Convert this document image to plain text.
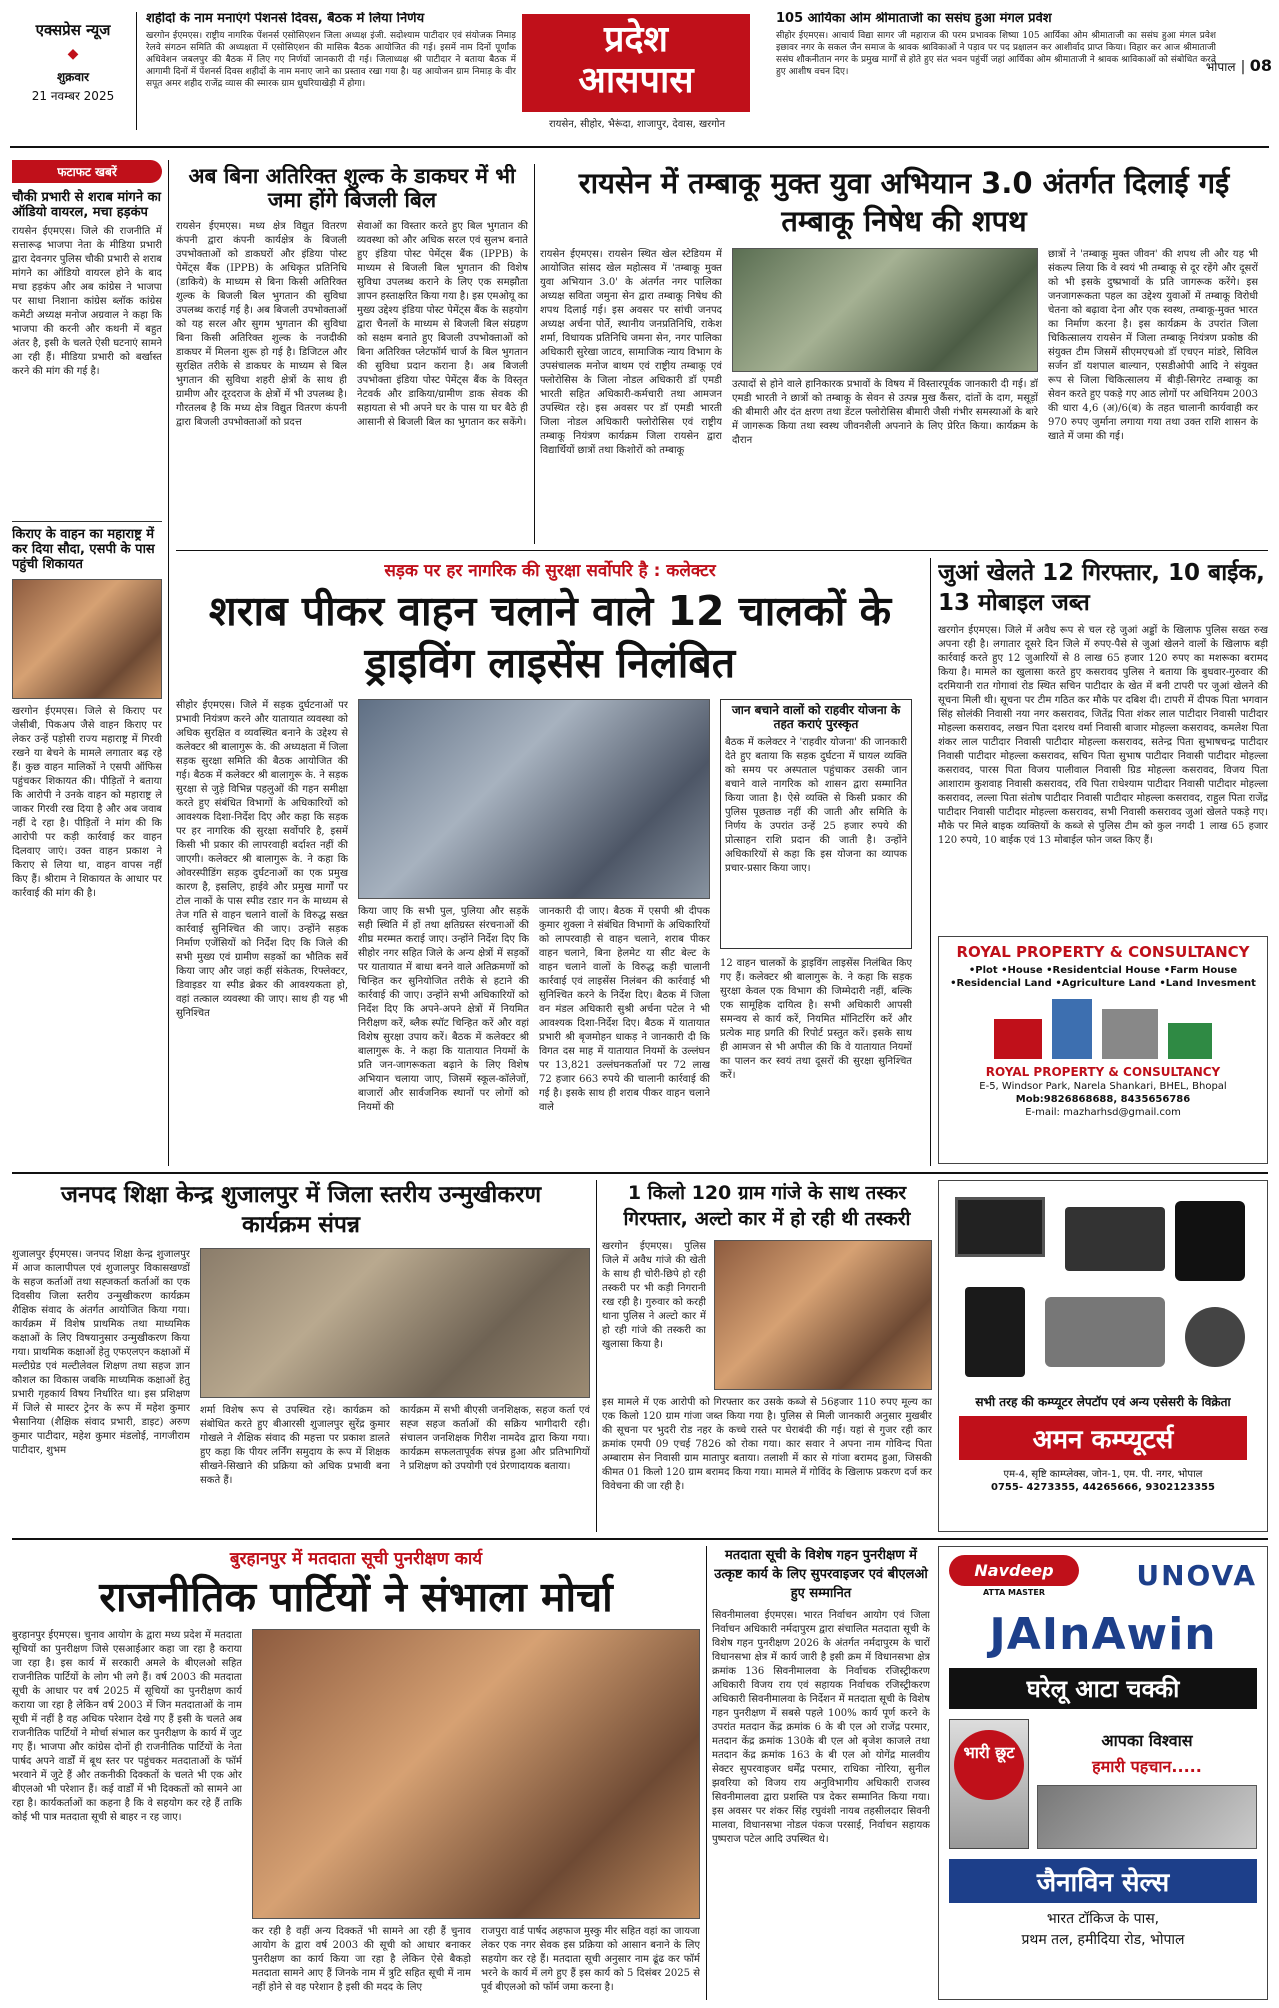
एक्सप्रेस न्यूज
◆
शुक्रवार
21 नवम्बर 2025
शहीदों के नाम मनाएंगे पेंशनर्स दिवस, बैठक में लिया निर्णय
खरगोन ईएमएस। राष्ट्रीय नागरिक पेंशनर्स एसोसिएशन जिला अध्यक्ष इंजी. सदोश्याम पाटीदार एवं संयोजक निमाड़ रेलवे संगठन समिति की अध्यक्षता में एसोसिएशन की मासिक बैठक आयोजित की गई। इसमें नाम दिनों पूर्णांक अधिवेशन जबलपुर की बैठक में लिए गए निर्णयों जानकारी दी गई। जिलाध्यक्ष श्री पाटीदार ने बताया बैठक में आगामी दिनों में पेंशनर्स दिवस शहीदों के नाम मनाए जाने का प्रस्ताव रखा गया है। यह आयोजन ग्राम निमाड़ के वीर सपूत अमर शहीद राजेंद्र व्यास की स्मारक ग्राम धुघरियाखेड़ी में होगा।
प्रदेश
आसपास
रायसेन, सीहोर, भैरूंदा, शाजापुर, देवास, खरगोन
105 आर्यिका ओम श्रीमाताजी का ससंघ हुआ मंगल प्रवेश
सीहोर ईएमएस। आचार्य विद्या सागर जी महाराज की परम प्रभावक शिष्या 105 आर्यिका ओम श्रीमाताजी का ससंघ हुआ मंगल प्रवेश इछावर नगर के सकल जैन समाज के श्रावक श्राविकाओं ने पड़ाव पर पद प्रक्षालन कर आशीर्वाद प्राप्त किया। विहार कर आज श्रीमाताजी ससंघ शौकनीतान नगर के प्रमुख मार्गों से होते हुए संत भवन पहुंचीं जहां आर्यिका ओम श्रीमाताजी ने श्रावक श्राविकाओं को संबोधित करते हुए आशीष वचन दिए।	भोपाल | 08
फटाफट खबरें
चौकी प्रभारी से शराब मांगने का ऑडियो वायरल, मचा हड़कंप
रायसेन ईएमएस। जिले की राजनीति में सत्तारूढ़ भाजपा नेता के मीडिया प्रभारी द्वारा देवनगर पुलिस चौकी प्रभारी से शराब मांगने का ऑडियो वायरल होने के बाद मचा हड़कंप और अब कांग्रेस ने भाजपा पर साधा निशाना कांग्रेस ब्लॉक कांग्रेस कमेटी अध्यक्ष मनोज अग्रवाल ने कहा कि भाजपा की करनी और कथनी में बहुत अंतर है, इसी के चलते ऐसी घटनाएं सामने आ रही हैं। मीडिया प्रभारी को बर्खास्त करने की मांग की गई है।
किराए के वाहन का महाराष्ट्र में कर दिया सौदा, एसपी के पास पहुंची शिकायत
खरगोन ईएमएस। जिले से किराए पर जेसीबी, पिकअप जैसे वाहन किराए पर लेकर उन्हें पड़ोसी राज्य महाराष्ट्र में गिरवी रखने या बेचने के मामले लगातार बढ़ रहे हैं। कुछ वाहन मालिकों ने एसपी ऑफिस पहुंचकर शिकायत की। पीड़ितों ने बताया कि आरोपी ने उनके वाहन को महाराष्ट्र ले जाकर गिरवी रख दिया है और अब जवाब नहीं दे रहा है। पीड़ितों ने मांग की कि आरोपी पर कड़ी कार्रवाई कर वाहन दिलवाए जाएं। उक्त वाहन प्रकाश ने किराए से लिया था, वाहन वापस नहीं किए हैं। श्रीराम ने शिकायत के आधार पर कार्रवाई की मांग की है।
अब बिना अतिरिक्त शुल्क के डाकघर में भी जमा होंगे बिजली बिल
रायसेन ईएमएस। मध्य क्षेत्र विद्युत वितरण कंपनी द्वारा कंपनी कार्यक्षेत्र के बिजली उपभोक्ताओं को डाकघरों और इंडिया पोस्ट पेमेंट्स बैंक (IPPB) के अधिकृत प्रतिनिधि (डाकिये) के माध्यम से बिना किसी अतिरिक्त शुल्क के बिजली बिल भुगतान की सुविधा उपलब्ध कराई गई है। अब बिजली उपभोक्ताओं को यह सरल और सुगम भुगतान की सुविधा बिना किसी अतिरिक्त शुल्क के नजदीकी डाकघर में मिलना शुरू हो गई है। डिजिटल और सुरक्षित तरीके से डाकघर के माध्यम से बिल भुगतान की सुविधा शहरी क्षेत्रों के साथ ही ग्रामीण और दूरदराज के क्षेत्रों में भी उपलब्ध है। गौरतलब है कि मध्य क्षेत्र विद्युत वितरण कंपनी द्वारा बिजली उपभोक्ताओं को प्रदत्त
सेवाओं का विस्तार करते हुए बिल भुगतान की व्यवस्था को और अधिक सरल एवं सुलभ बनाते हुए इंडिया पोस्ट पेमेंट्स बैंक (IPPB) के माध्यम से बिजली बिल भुगतान की विशेष सुविधा उपलब्ध कराने के लिए एक समझौता ज्ञापन हस्ताक्षरित किया गया है। इस एमओयू का मुख्य उद्देश्य इंडिया पोस्ट पेमेंट्स बैंक के सहयोग द्वारा चैनलों के माध्यम से बिजली बिल संग्रहण को सक्षम बनाते हुए बिजली उपभोक्ताओं को बिना अतिरिक्त प्लेटफॉर्म चार्ज के बिल भुगतान की सुविधा प्रदान कराना है। अब बिजली उपभोक्ता इंडिया पोस्ट पेमेंट्स बैंक के विस्तृत नेटवर्क और डाकिया/ग्रामीण डाक सेवक की सहायता से भी अपने घर के पास या घर बैठे ही आसानी से बिजली बिल का भुगतान कर सकेंगे।
रायसेन में तम्बाकू मुक्त युवा अभियान 3.0 अंतर्गत दिलाई गई तम्बाकू निषेध की शपथ
रायसेन ईएमएस। रायसेन स्थित खेल स्टेडियम में आयोजित सांसद खेल महोत्सव में 'तम्बाकू मुक्त युवा अभियान 3.0' के अंतर्गत नगर पालिका अध्यक्ष सविता जमुना सेन द्वारा तम्बाकू निषेध की शपथ दिलाई गई। इस अवसर पर सांची जनपद अध्यक्ष अर्चना पोर्ते, स्थानीय जनप्रतिनिधि, राकेश शर्मा, विधायक प्रतिनिधि जमना सेन, नगर पालिका अधिकारी सुरेखा जाटव, सामाजिक न्याय विभाग के उपसंचालक मनोज बाथम एवं राष्ट्रीय तम्बाकू एवं फ्लोरोसिस के जिला नोडल अधिकारी डॉ एमडी भारती सहित अधिकारी-कर्मचारी तथा आमजन उपस्थित रहे। इस अवसर पर डॉ एमडी भारती जिला नोडल अधिकारी फ्लोरोसिस एवं राष्ट्रीय तम्बाकू नियंत्रण कार्यक्रम जिला रायसेन द्वारा विद्यार्थियों छात्रों तथा किशोरों को तम्बाकू
उत्पादों से होने वाले हानिकारक प्रभावों के विषय में विस्तारपूर्वक जानकारी दी गई। डॉ एमडी भारती ने छात्रों को तम्बाकू के सेवन से उत्पन्न मुख कैंसर, दांतों के दाग, मसूड़ों की बीमारी और दंत क्षरण तथा डेंटल फ्लोरोसिस बीमारी जैसी गंभीर समस्याओं के बारे में जागरूक किया तथा स्वस्थ जीवनशैली अपनाने के लिए प्रेरित किया। कार्यक्रम के दौरान
छात्रों ने 'तम्बाकू मुक्त जीवन' की शपथ ली और यह भी संकल्प लिया कि वे स्वयं भी तम्बाकू से दूर रहेंगे और दूसरों को भी इसके दुष्प्रभावों के प्रति जागरूक करेंगे। इस जनजागरूकता पहल का उद्देश्य युवाओं में तम्बाकू विरोधी चेतना को बढ़ावा देना और एक स्वस्थ, तम्बाकू-मुक्त भारत का निर्माण करना है। इस कार्यक्रम के उपरांत जिला चिकित्सालय रायसेन में जिला तम्बाकू नियंत्रण प्रकोष्ठ की संयुक्त टीम जिसमें सीएमएचओ डॉ एचएन मांडरे, सिविल सर्जन डॉ यशपाल बाल्यान, एसडीओपी आदि ने संयुक्त रूप से जिला चिकित्सालय में बीड़ी-सिगरेट तम्बाकू का सेवन करते हुए पकड़े गए आठ लोगों पर अधिनियम 2003 की धारा 4,6 (अ)/6(ब) के तहत चालानी कार्यवाही कर 970 रुपए जुर्माना लगाया गया तथा उक्त राशि शासन के खाते में जमा की गई।
सड़क पर हर नागरिक की सुरक्षा सर्वोपरि है : कलेक्टर
शराब पीकर वाहन चलाने वाले 12 चालकों के ड्राइविंग लाइसेंस निलंबित
सीहोर ईएमएस। जिले में सड़क दुर्घटनाओं पर प्रभावी नियंत्रण करने और यातायात व्यवस्था को अधिक सुरक्षित व व्यवस्थित बनाने के उद्देश्य से कलेक्टर श्री बालागुरू के. की अध्यक्षता में जिला सड़क सुरक्षा समिति की बैठक आयोजित की गई। बैठक में कलेक्टर श्री बालागुरू के. ने सड़क सुरक्षा से जुड़े विभिन्न पहलुओं की गहन समीक्षा करते हुए संबंधित विभागों के अधिकारियों को आवश्यक दिशा-निर्देश दिए और कहा कि सड़क पर हर नागरिक की सुरक्षा सर्वोपरि है, इसमें किसी भी प्रकार की लापरवाही बर्दाश्त नहीं की जाएगी। कलेक्टर श्री बालागुरू के. ने कहा कि ओवरस्पीडिंग सड़क दुर्घटनाओं का एक प्रमुख कारण है, इसलिए, हाईवे और प्रमुख मार्गों पर टोल नाकों के पास स्पीड रडार गन के माध्यम से तेज गति से वाहन चलाने वालों के विरुद्ध सख्त कार्रवाई सुनिश्चित की जाए। उन्होंने सड़क निर्माण एजेंसियों को निर्देश दिए कि जिले की सभी मुख्य एवं ग्रामीण सड़कों का भौतिक सर्वे किया जाए और जहां कहीं संकेतक, रिफ्लेक्टर, डिवाइडर या स्पीड ब्रेकर की आवश्यकता हो, वहां तत्काल व्यवस्था की जाए। साथ ही यह भी सुनिश्चित
किया जाए कि सभी पुल, पुलिया और सड़कें सही स्थिति में हों तथा क्षतिग्रस्त संरचनाओं की शीघ्र मरम्मत कराई जाए। उन्होंने निर्देश दिए कि सीहोर नगर सहित जिले के अन्य क्षेत्रों में सड़कों पर यातायात में बाधा बनने वाले अतिक्रमणों को चिन्हित कर सुनियोजित तरीके से हटाने की कार्रवाई की जाए। उन्होंने सभी अधिकारियों को निर्देश दिए कि अपने-अपने क्षेत्रों में नियमित निरीक्षण करें, ब्लैक स्पॉट चिन्हित करें और वहां विशेष सुरक्षा उपाय करें। बैठक में कलेक्टर श्री बालागुरू के. ने कहा कि यातायात नियमों के प्रति जन-जागरूकता बढ़ाने के लिए विशेष अभियान चलाया जाए, जिसमें स्कूल-कॉलेजों, बाजारों और सार्वजनिक स्थानों पर लोगों को नियमों की
जानकारी दी जाए। बैठक में एसपी श्री दीपक कुमार शुक्ला ने संबंधित विभागों के अधिकारियों को लापरवाही से वाहन चलाने, शराब पीकर वाहन चलाने, बिना हेलमेट या सीट बेल्ट के वाहन चलाने वालों के विरुद्ध कड़ी चालानी कार्रवाई एवं लाइसेंस निलंबन की कार्रवाई भी सुनिश्चित करने के निर्देश दिए। बैठक में जिला वन मंडल अधिकारी सुश्री अर्चना पटेल ने भी आवश्यक दिशा-निर्देश दिए। बैठक में यातायात प्रभारी श्री बृजमोहन धाकड़ ने जानकारी दी कि विगत दस माह में यातायात नियमों के उल्लंघन पर 13,821 उल्लंघनकर्ताओं पर 72 लाख 72 हजार 663 रुपये की चालानी कार्रवाई की गई है। इसके साथ ही शराब पीकर वाहन चलाने वाले
जान बचाने वालों को राहवीर योजना के तहत कराएं पुरस्कृत
बैठक में कलेक्टर ने 'राहवीर योजना' की जानकारी देते हुए बताया कि सड़क दुर्घटना में घायल व्यक्ति को समय पर अस्पताल पहुंचाकर उसकी जान बचाने वाले नागरिक को शासन द्वारा सम्मानित किया जाता है। ऐसे व्यक्ति से किसी प्रकार की पुलिस पूछताछ नहीं की जाती और समिति के निर्णय के उपरांत उन्हें 25 हजार रुपये की प्रोत्साहन राशि प्रदान की जाती है। उन्होंने अधिकारियों से कहा कि इस योजना का व्यापक प्रचार-प्रसार किया जाए।
12 वाहन चालकों के ड्राइविंग लाइसेंस निलंबित किए गए हैं। कलेक्टर श्री बालागुरू के. ने कहा कि सड़क सुरक्षा केवल एक विभाग की जिम्मेदारी नहीं, बल्कि एक सामूहिक दायित्व है। सभी अधिकारी आपसी समन्वय से कार्य करें, नियमित मॉनिटरिंग करें और प्रत्येक माह प्रगति की रिपोर्ट प्रस्तुत करें। इसके साथ ही आमजन से भी अपील की कि वे यातायात नियमों का पालन कर स्वयं तथा दूसरों की सुरक्षा सुनिश्चित करें।
जुआं खेलते 12 गिरफ्तार, 10 बाईक, 13 मोबाइल जब्त
खरगोन ईएमएस। जिले में अवैध रूप से चल रहे जुआं अड्डों के खिलाफ पुलिस सख्त रुख अपना रही है। लगातार दूसरे दिन जिले में रुपए-पैसे से जुआं खेलने वालों के खिलाफ बड़ी कार्रवाई करते हुए 12 जुआरियों से 8 लाख 65 हजार 120 रुपए का मशरूका बरामद किया है। मामले का खुलासा करते हुए कसरावद पुलिस ने बताया कि बुधवार-गुरुवार की दरमियानी रात गोगावां रोड स्थित सचिन पाटीदार के खेत में बनी टापरी पर जुआं खेलने की सूचना मिली थी। सूचना पर टीम गठित कर मौके पर दबिश दी। टापरी में दीपक पिता भगवान सिंह सोलंकी निवासी नया नगर कसरावद, जितेंद्र पिता शंकर लाल पाटीदार निवासी पाटीदार मोहल्ला कसरावद, लखन पिता दशरथ वर्मा निवासी बाजार मोहल्ला कसरावद, कमलेश पिता शंकर लाल पाटीदार निवासी पाटीदार मोहल्ला कसरावद, सतेन्द्र पिता सुभाषचन्द्र पाटीदार निवासी पाटीदार मोहल्ला कसरावद, सचिन पिता सुभाष पाटीदार निवासी पाटीदार मोहल्ला कसरावद, पारस पिता विजय पालीवाल निवासी ग्रिड मोहल्ला कसरावद, विजय पिता आशाराम कुशवाह निवासी कसरावद, रवि पिता राधेश्याम पाटीदार निवासी पाटीदार मोहल्ला कसरावद, लल्ला पिता संतोष पाटीदार निवासी पाटीदार मोहल्ला कसरावद, राहुल पिता राजेंद्र पाटीदार निवासी पाटीदार मोहल्ला कसरावद, सभी निवासी कसरावद जुआं खेलते पकड़े गए। मौके पर मिले बाइक व्यक्तियों के कब्जे से पुलिस टीम को कुल नगदी 1 लाख 65 हजार 120 रुपये, 10 बाईक एवं 13 मोबाईल फोन जब्त किए हैं।
ROYAL PROPERTY & CONSULTANCY
•Plot •House •Residentcial House •Farm House
•Residencial Land •Agriculture Land •Land Invesment
ROYAL PROPERTY & CONSULTANCY
E-5, Windsor Park, Narela Shankari, BHEL, Bhopal
Mob:9826868688, 8435656786
E-mail: mazharhsd@gmail.com
जनपद शिक्षा केन्द्र शुजालपुर में जिला स्तरीय उन्मुखीकरण कार्यक्रम संपन्न
शुजालपुर ईएमएस। जनपद शिक्षा केन्द्र शुजालपुर में आज कालापीपल एवं शुजालपुर विकासखण्डों के सहज कर्ताओं तथा सह्जकर्ता कर्ताओं का एक दिवसीय जिला स्तरीय उन्मुखीकरण कार्यक्रम शैक्षिक संवाद के अंतर्गत आयोजित किया गया। कार्यक्रम में विशेष प्राथमिक तथा माध्यमिक कक्षाओं के लिए विषयानुसार उन्मुखीकरण किया गया। प्राथमिक कक्षाओं हेतु एफएलएन कक्षाओं में मल्टीग्रेड एवं मल्टीलेवल शिक्षण तथा सहज ज्ञान कौशल का विकास जबकि माध्यमिक कक्षाओं हेतु प्रभारी गृहकार्य विषय निर्धारित था। इस प्रशिक्षण में जिले से मास्टर ट्रेनर के रूप में महेश कुमार भैसानिया (शैक्षिक संवाद प्रभारी, डाइट) अरुण कुमार पाटीदार, महेश कुमार मंडलोई, नागजीराम पाटीदार, शुभम
शर्मा विशेष रूप से उपस्थित रहे। कार्यक्रम को संबोधित करते हुए बीआरसी शुजालपुर सुरेंद्र कुमार गोखले ने शैक्षिक संवाद की महत्ता पर प्रकाश डालते हुए कहा कि पीयर लर्निंग समुदाय के रूप में शिक्षक सीखने-सिखाने की प्रक्रिया को अधिक प्रभावी बना सकते हैं।
कार्यक्रम में सभी बीएसी जनशिक्षक, सहज कर्ता एवं सह्ज सहज कर्ताओं की सक्रिय भागीदारी रही। संचालन जनशिक्षक गिरीश नामदेव द्वारा किया गया। कार्यक्रम सफलतापूर्वक संपन्न हुआ और प्रतिभागियों ने प्रशिक्षण को उपयोगी एवं प्रेरणादायक बताया।
1 किलो 120 ग्राम गांजे के साथ तस्कर गिरफ्तार, अल्टो कार में हो रही थी तस्करी
खरगोन ईएमएस। पुलिस जिले में अवैध गांजे की खेती के साथ ही चोरी-छिपे हो रही तस्करी पर भी कड़ी निगरानी रख रही है। गुरुवार को करही थाना पुलिस ने अल्टो कार में हो रही गांजे की तस्करी का खुलासा किया है।
इस मामले में एक आरोपी को गिरफ्तार कर उसके कब्जे से 56हजार 110 रुपए मूल्य का एक किलो 120 ग्राम गांजा जब्त किया गया है। पुलिस से मिली जानकारी अनुसार मुखबीर की सूचना पर भुदरी रोड नहर के कच्चे रास्ते पर घेराबंदी की गई। यहां से गुजर रही कार क्रमांक एमपी 09 एचई 7826 को रोका गया। कार सवार ने अपना नाम गोविन्द पिता अम्बाराम सेन निवासी ग्राम मातापुर बताया। तलाशी में कार से गांजा बरामद हुआ, जिसकी कीमत 01 किलो 120 ग्राम बरामद किया गया। मामले में गोविंद के खिलाफ प्रकरण दर्ज कर विवेचना की जा रही है।
सभी तरह की कम्प्यूटर लेपटॉप एवं अन्य एसेसरी के विक्रेता
अमन कम्प्यूटर्स
एम-4, सृष्टि काम्प्लेक्स, जोन-1, एम. पी. नगर, भोपाल
0755- 4273355, 44265666, 9302123355
बुरहानपुर में मतदाता सूची पुनरीक्षण कार्य
राजनीतिक पार्टियों ने संभाला मोर्चा
बुरहानपुर ईएमएस। चुनाव आयोग के द्वारा मध्य प्रदेश में मतदाता सूचियों का पुनरीक्षण जिसे एसआईआर कहा जा रहा है कराया जा रहा है। इस कार्य में सरकारी अमले के बीएलओ सहित राजनीतिक पार्टियों के लोग भी लगे हैं। वर्ष 2003 की मतदाता सूची के आधार पर वर्ष 2025 में सूचियों का पुनरीक्षण कार्य कराया जा रहा है लेकिन वर्ष 2003 में जिन मतदाताओं के नाम सूची में नहीं है वह अधिक परेशान देखे गए हैं इसी के चलते अब राजनीतिक पार्टियों ने मोर्चा संभाल कर पुनरीक्षण के कार्य में जुट गए हैं। भाजपा और कांग्रेस दोनों ही राजनीतिक पार्टियों के नेता पार्षद अपने वार्डों में बूथ स्तर पर पहुंचकर मतदाताओं के फॉर्म भरवाने में जुटे हैं और तकनीकी दिक्कतों के चलते भी एक ओर बीएलओ भी परेशान हैं। कई वार्डों में भी दिक्कतों को सामने आ रहा है। कार्यकर्ताओं का कहना है कि वे सहयोग कर रहे हैं ताकि कोई भी पात्र मतदाता सूची से बाहर न रह जाए।
कर रही है वहीं अन्य दिक्कतें भी सामने आ रही हैं चुनाव आयोग के द्वारा वर्ष 2003 की सूची को आधार बनाकर पुनरीक्षण का कार्य किया जा रहा है लेकिन ऐसे बैकड़ो मतदाता सामने आए हैं जिनके नाम में त्रुटि सहित सूची में नाम नहीं होने से वह परेशान है इसी की मदद के लिए
राजपुरा वार्ड पार्षद अहफाज मुस्कु मीर सहित वहां का जायजा लेकर एक नगर सेवक इस प्रक्रिया को आसान बनाने के लिए सहयोग कर रहे हैं। मतदाता सूची अनुसार नाम ढूंढ कर फॉर्म भरने के कार्य में लगे हुए हैं इस कार्य को 5 दिसंबर 2025 से पूर्व बीएलओ को फॉर्म जमा करना है।
मतदाता सूची के विशेष गहन पुनरीक्षण में उत्कृष्ट कार्य के लिए सुपरवाइजर एवं बीएलओ हुए सम्मानित
सिवनीमालवा ईएमएस। भारत निर्वाचन आयोग एवं जिला निर्वाचन अधिकारी नर्मदापुरम द्वारा संचालित मतदाता सूची के विशेष गहन पुनरीक्षण 2026 के अंतर्गत नर्मदापुरम के चारों विधानसभा क्षेत्र में कार्य जारी है इसी क्रम में विधानसभा क्षेत्र क्रमांक 136 सिवनीमालवा के निर्वाचक रजिस्ट्रीकरण अधिकारी विजय राय एवं सहायक निर्वाचक रजिस्ट्रीकरण अधिकारी सिवनीमालवा के निर्देशन में मतदाता सूची के विशेष गहन पुनरीक्षण में सबसे पहले 100% कार्य पूर्ण करने के उपरांत मतदान केंद्र क्रमांक 6 के बी एल ओ राजेंद्र परमार, मतदान केंद्र क्रमांक 130के बी एल ओ बृजेश काजले तथा मतदान केंद्र क्रमांक 163 के बी एल ओ योगेंद्र मालवीय सेक्टर सुपरवाइजर धर्मेंद्र परमार, राधिका नोरिया, सुनील झवरिया को विजय राय अनुविभागीय अधिकारी राजस्व सिवनीमालवा द्वारा प्रशस्ति पत्र देकर सम्मानित किया गया। इस अवसर पर शंकर सिंह रघुवंशी नायब तहसीलदार सिवनी मालवा, विधानसभा नोडल पंकज परसाई, निर्वाचन सहायक पुष्पराज पटेल आदि उपस्थित थे।
Navdeep
ATTA MASTER
UNOVA
JAInAwin
घरेलू आटा चक्की
भारी छूट
आपका विश्वास
हमारी पहचान.....
जैनाविन सेल्स
भारत टॉकिज के पास,
प्रथम तल, हमीदिया रोड, भोपाल
